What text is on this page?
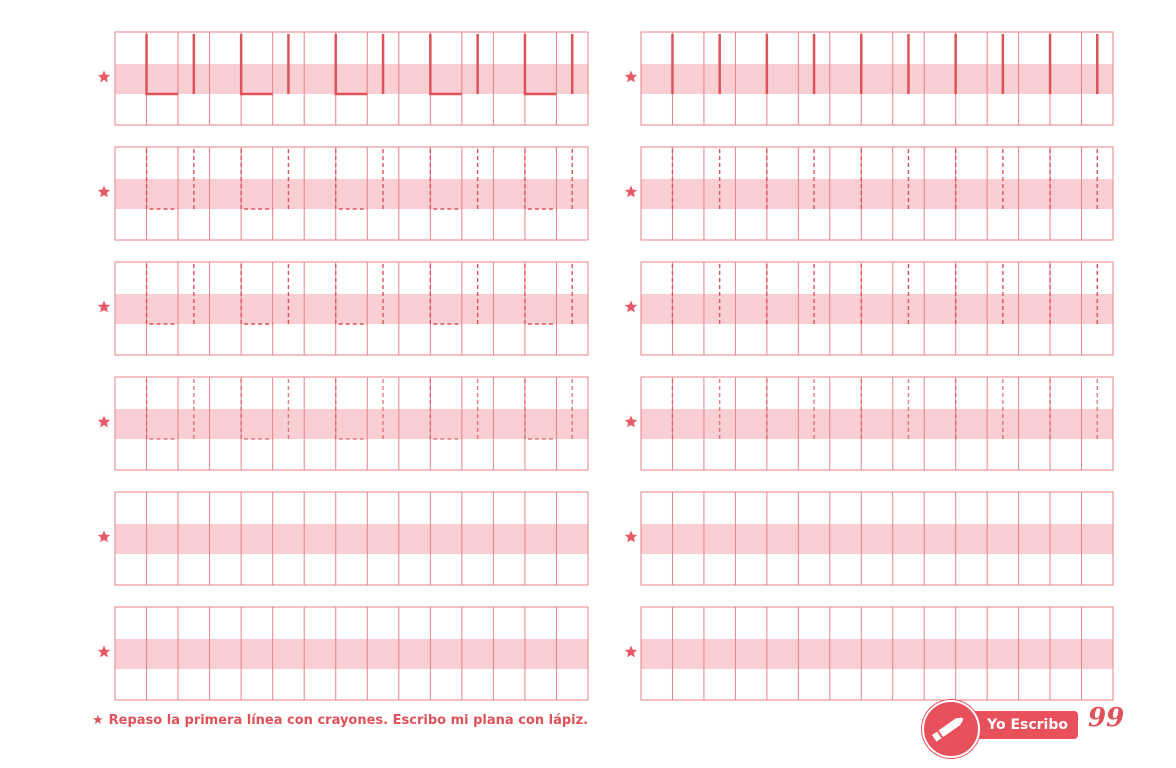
★ Repaso la primera línea con crayones. Escribo mi plana con lápiz.	Yo Escribo 99
